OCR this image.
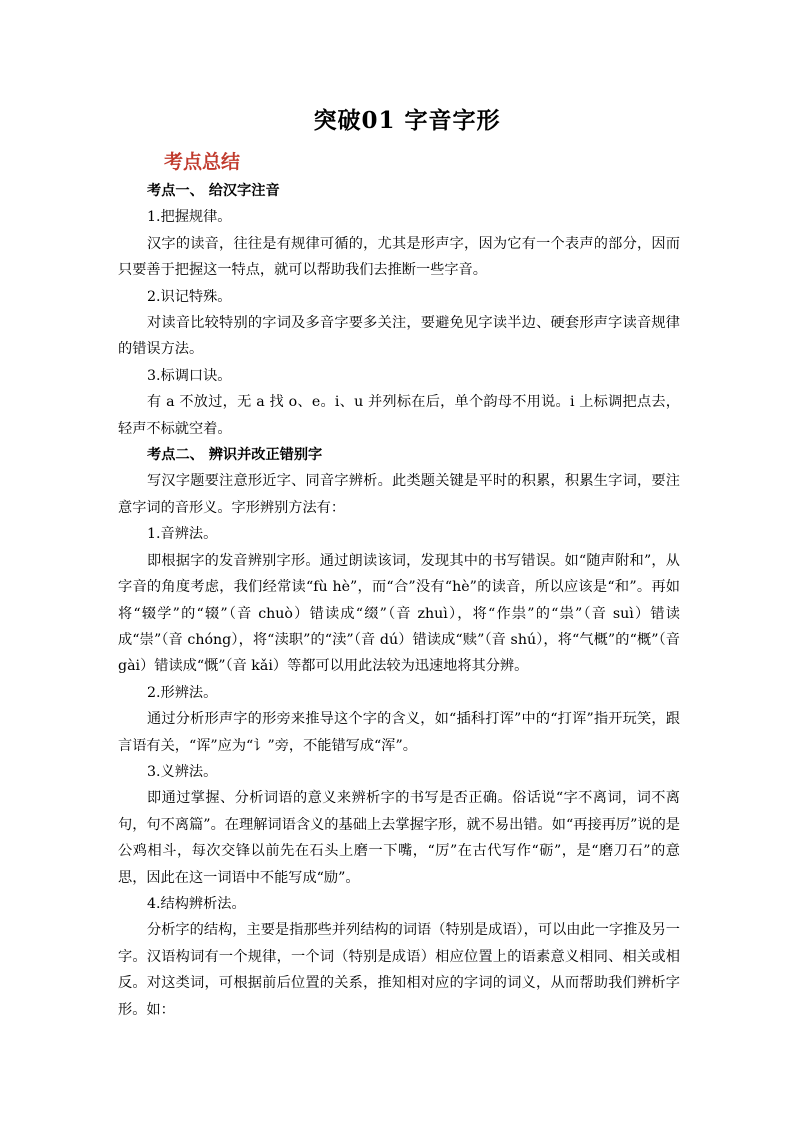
突破01 字音字形
考点总结

考点一、 给汉字注音

1.把握规律。

汉字的读音，往往是有规律可循的，尤其是形声字，因为它有一个表声的部分，因而只要善于把握这一特点，就可以帮助我们去推断一些字音。

2.识记特殊。

对读音比较特别的字词及多音字要多关注，要避免见字读半边、硬套形声字读音规律的错误方法。

3.标调口诀。

有 a 不放过，无 a 找 o、e。i、u 并列标在后，单个韵母不用说。i 上标调把点去，轻声不标就空着。

考点二、 辨识并改正错别字

写汉字题要注意形近字、同音字辨析。此类题关键是平时的积累，积累生字词，要注意字词的音形义。字形辨别方法有：

1.音辨法。

即根据字的发音辨别字形。通过朗读该词，发现其中的书写错误。如“随声附和”，从字音的角度考虑，我们经常读“fù hè”，而“合”没有“hè”的读音，所以应该是“和”。再如将“辍学”的“辍”（音 chuò）错读成“缀”（音 zhuì），将“作祟”的“祟”（音 suì）错读成“崇”（音 chóng），将“渎职”的“渎”（音 dú）错读成“赎”（音 shú），将“气概”的“概”（音 gài）错读成“慨”（音 kǎi）等都可以用此法较为迅速地将其分辨。

2.形辨法。

通过分析形声字的形旁来推导这个字的含义，如“插科打诨”中的“打诨”指开玩笑，跟言语有关，“诨”应为“讠”旁，不能错写成“浑”。

3.义辨法。

即通过掌握、分析词语的意义来辨析字的书写是否正确。俗话说“字不离词，词不离句，句不离篇”。在理解词语含义的基础上去掌握字形，就不易出错。如“再接再厉”说的是公鸡相斗，每次交锋以前先在石头上磨一下嘴，“厉”在古代写作“砺”，是“磨刀石”的意思，因此在这一词语中不能写成“励”。

4.结构辨析法。

分析字的结构，主要是指那些并列结构的词语（特别是成语），可以由此一字推及另一字。汉语构词有一个规律，一个词（特别是成语）相应位置上的语素意义相同、相关或相反。对这类词，可根据前后位置的关系，推知相对应的字词的词义，从而帮助我们辨析字形。如：
